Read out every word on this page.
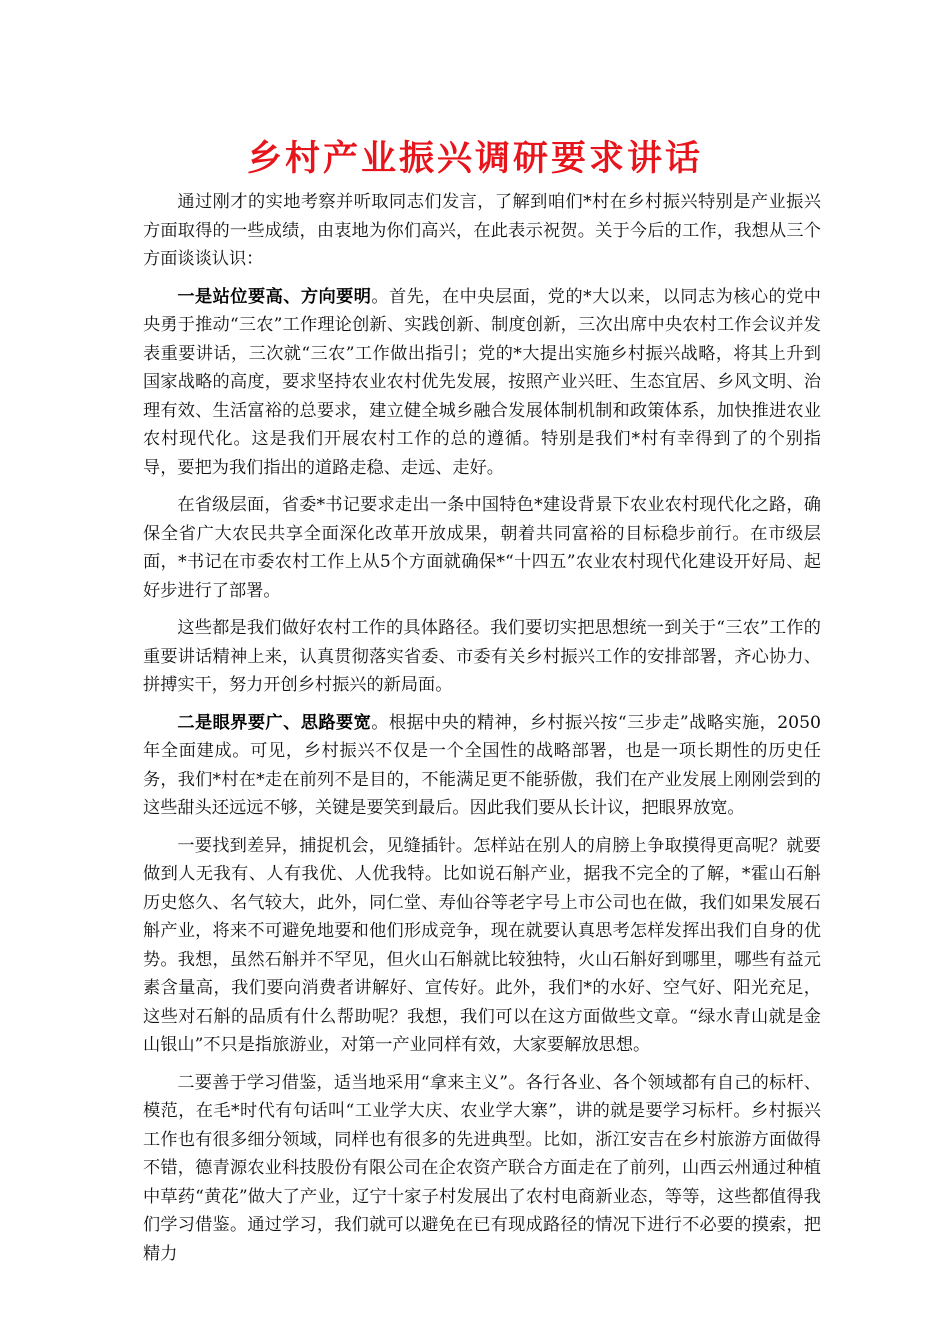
乡村产业振兴调研要求讲话

通过刚才的实地考察并听取同志们发言，了解到咱们*村在乡村振兴特别是产业振兴方面取得的一些成绩，由衷地为你们高兴，在此表示祝贺。关于今后的工作，我想从三个方面谈谈认识：

一是站位要高、方向要明。首先，在中央层面，党的*大以来，以同志为核心的党中央勇于推动“三农”工作理论创新、实践创新、制度创新，三次出席中央农村工作会议并发表重要讲话，三次就“三农”工作做出指引；党的*大提出实施乡村振兴战略，将其上升到国家战略的高度，要求坚持农业农村优先发展，按照产业兴旺、生态宜居、乡风文明、治理有效、生活富裕的总要求，建立健全城乡融合发展体制机制和政策体系，加快推进农业农村现代化。这是我们开展农村工作的总的遵循。特别是我们*村有幸得到了的个别指导，要把为我们指出的道路走稳、走远、走好。

在省级层面，省委*书记要求走出一条中国特色*建设背景下农业农村现代化之路，确保全省广大农民共享全面深化改革开放成果，朝着共同富裕的目标稳步前行。在市级层面，*书记在市委农村工作上从5个方面就确保*“十四五”农业农村现代化建设开好局、起好步进行了部署。

这些都是我们做好农村工作的具体路径。我们要切实把思想统一到关于“三农”工作的重要讲话精神上来，认真贯彻落实省委、市委有关乡村振兴工作的安排部署，齐心协力、拼搏实干，努力开创乡村振兴的新局面。

二是眼界要广、思路要宽。根据中央的精神，乡村振兴按“三步走”战略实施，2050年全面建成。可见，乡村振兴不仅是一个全国性的战略部署，也是一项长期性的历史任务，我们*村在*走在前列不是目的，不能满足更不能骄傲，我们在产业发展上刚刚尝到的这些甜头还远远不够，关键是要笑到最后。因此我们要从长计议，把眼界放宽。

一要找到差异，捕捉机会，见缝插针。怎样站在别人的肩膀上争取摸得更高呢？就要做到人无我有、人有我优、人优我特。比如说石斛产业，据我不完全的了解，*霍山石斛历史悠久、名气较大，此外，同仁堂、寿仙谷等老字号上市公司也在做，我们如果发展石斛产业，将来不可避免地要和他们形成竞争，现在就要认真思考怎样发挥出我们自身的优势。我想，虽然石斛并不罕见，但火山石斛就比较独特，火山石斛好到哪里，哪些有益元素含量高，我们要向消费者讲解好、宣传好。此外，我们*的水好、空气好、阳光充足，这些对石斛的品质有什么帮助呢？我想，我们可以在这方面做些文章。“绿水青山就是金山银山”不只是指旅游业，对第一产业同样有效，大家要解放思想。

二要善于学习借鉴，适当地采用“拿来主义”。各行各业、各个领域都有自己的标杆、模范，在毛*时代有句话叫“工业学大庆、农业学大寨”，讲的就是要学习标杆。乡村振兴工作也有很多细分领域，同样也有很多的先进典型。比如，浙江安吉在乡村旅游方面做得不错，德青源农业科技股份有限公司在企农资产联合方面走在了前列，山西云州通过种植中草药“黄花”做大了产业，辽宁十家子村发展出了农村电商新业态，等等，这些都值得我们学习借鉴。通过学习，我们就可以避免在已有现成路径的情况下进行不必要的摸索，把精力
